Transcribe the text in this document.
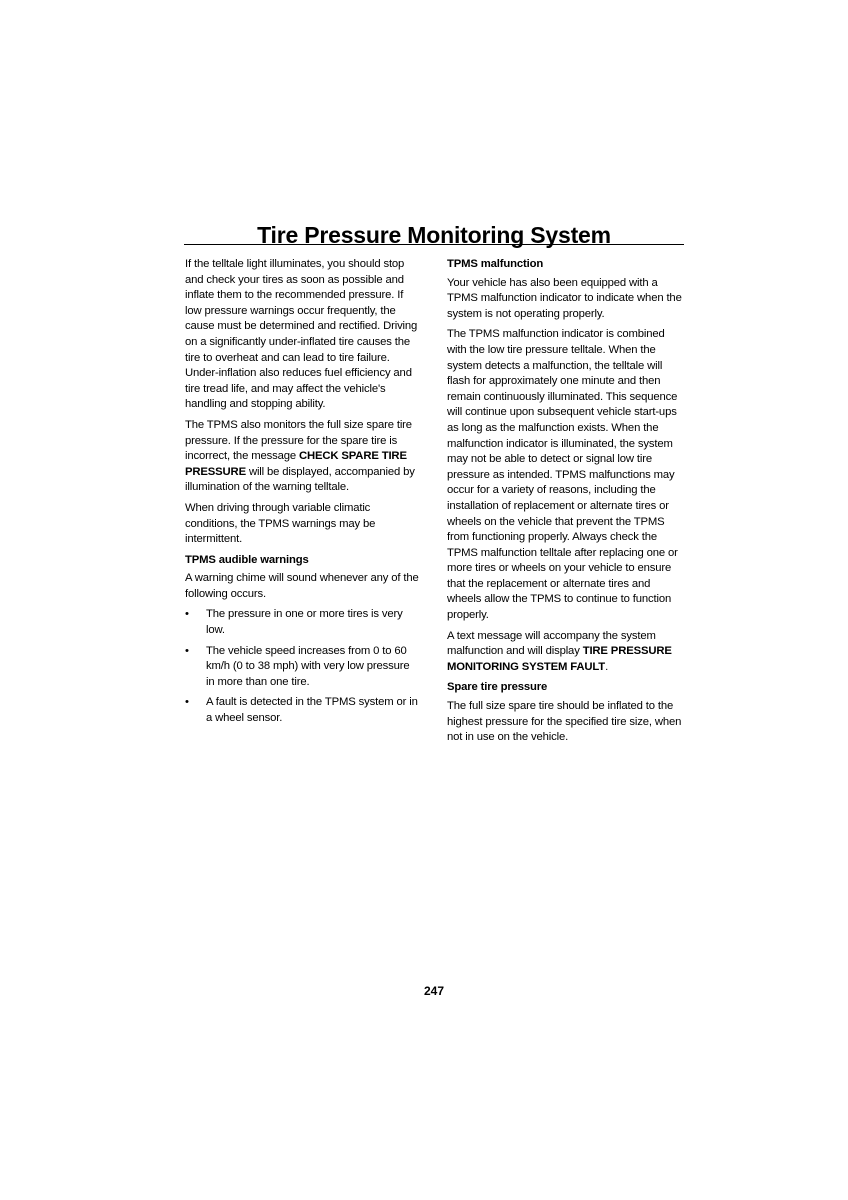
Tire Pressure Monitoring System

If the telltale light illuminates, you should stop and check your tires as soon as possible and inflate them to the recommended pressure. If low pressure warnings occur frequently, the cause must be determined and rectified. Driving on a significantly under-inflated tire causes the tire to overheat and can lead to tire failure. Under-inflation also reduces fuel efficiency and tire tread life, and may affect the vehicle's handling and stopping ability.

The TPMS also monitors the full size spare tire pressure. If the pressure for the spare tire is incorrect, the message CHECK SPARE TIRE PRESSURE will be displayed, accompanied by illumination of the warning telltale.

When driving through variable climatic conditions, the TPMS warnings may be intermittent.

TPMS audible warnings

A warning chime will sound whenever any of the following occurs.

• The pressure in one or more tires is very low.
• The vehicle speed increases from 0 to 60 km/h (0 to 38 mph) with very low pressure in more than one tire.
• A fault is detected in the TPMS system or in a wheel sensor.
TPMS malfunction

Your vehicle has also been equipped with a TPMS malfunction indicator to indicate when the system is not operating properly.

The TPMS malfunction indicator is combined with the low tire pressure telltale. When the system detects a malfunction, the telltale will flash for approximately one minute and then remain continuously illuminated. This sequence will continue upon subsequent vehicle start-ups as long as the malfunction exists. When the malfunction indicator is illuminated, the system may not be able to detect or signal low tire pressure as intended. TPMS malfunctions may occur for a variety of reasons, including the installation of replacement or alternate tires or wheels on the vehicle that prevent the TPMS from functioning properly. Always check the TPMS malfunction telltale after replacing one or more tires or wheels on your vehicle to ensure that the replacement or alternate tires and wheels allow the TPMS to continue to function properly.

A text message will accompany the system malfunction and will display TIRE PRESSURE MONITORING SYSTEM FAULT.

Spare tire pressure

The full size spare tire should be inflated to the highest pressure for the specified tire size, when not in use on the vehicle.

247
